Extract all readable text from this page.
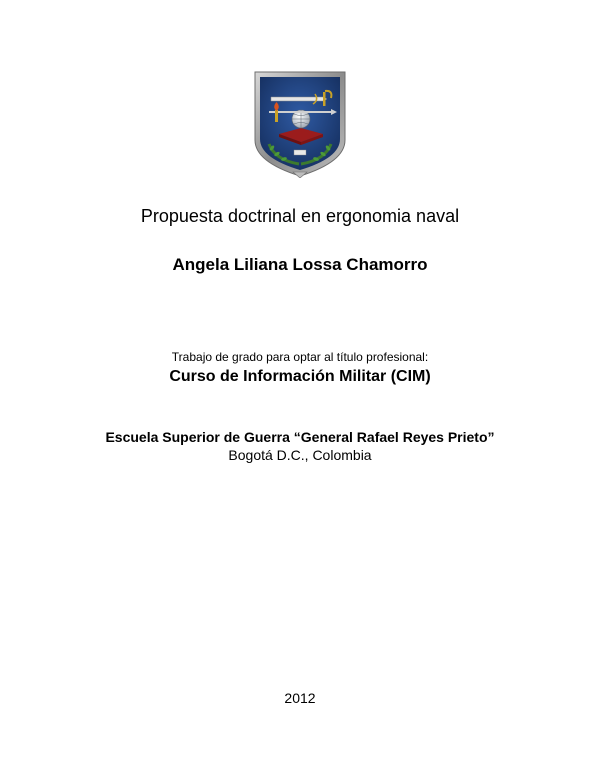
Propuesta doctrinal en ergonomia naval
Angela Liliana Lossa Chamorro
Trabajo de grado para optar al título profesional:
Curso de Información Militar (CIM)
Escuela Superior de Guerra “General Rafael Reyes Prieto”
Bogotá D.C., Colombia
2012
